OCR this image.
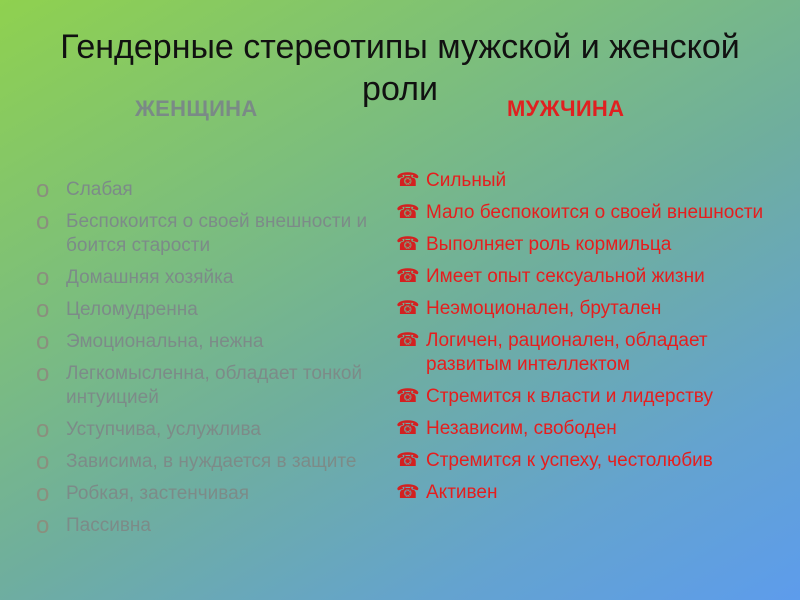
Гендерные стереотипы мужской и женской роли
ЖЕНЩИНА	МУЖЧИНА
o Слабая
o Беспокоится о своей внешности и боится старости
o Домашняя хозяйка
o Целомудренна
o Эмоциональна, нежна
o Легкомысленна, обладает тонкой интуицией
o Уступчива, услужлива
o Зависима, в нуждается в защите
o Робкая, застенчивая
o Пассивна
☎ Сильный
☎ Мало беспокоится о своей внешности
☎ Выполняет роль кормильца
☎ Имеет опыт сексуальной жизни
☎ Неэмоционален, брутален
☎ Логичен, рационален, обладает развитым интеллектом
☎ Стремится к власти и лидерству
☎ Независим, свободен
☎ Стремится к успеху, честолюбив
☎ Активен
